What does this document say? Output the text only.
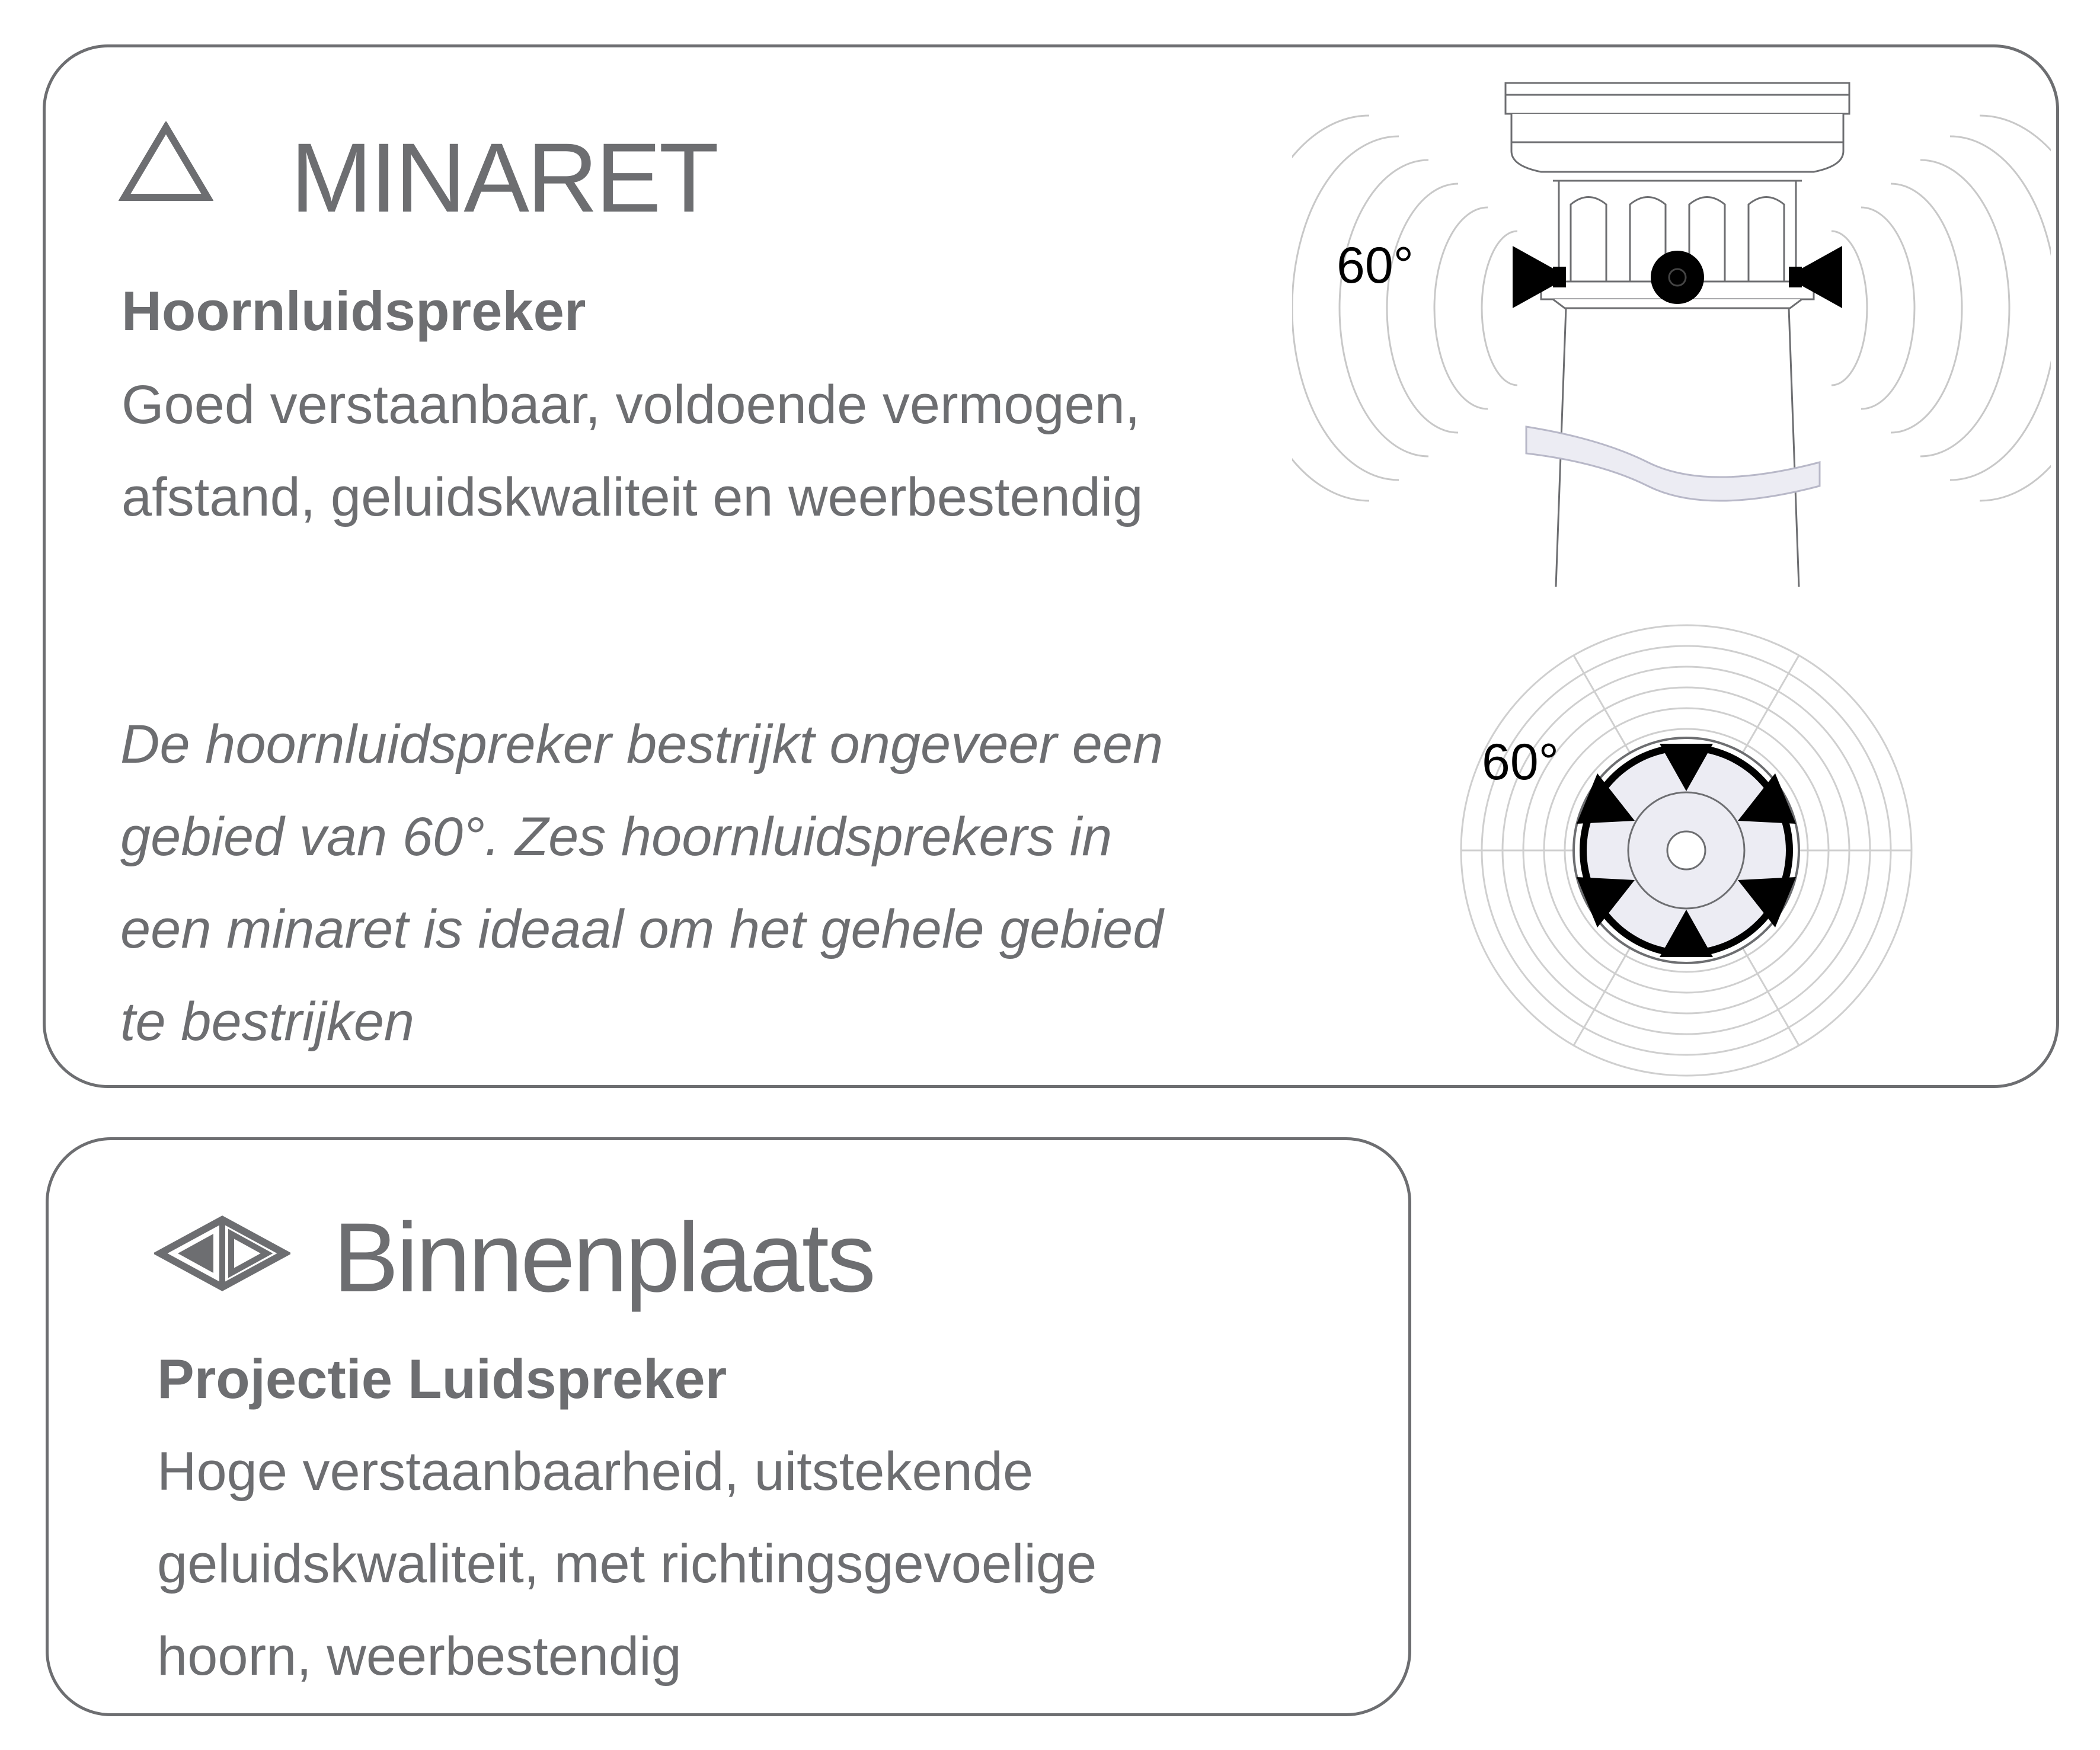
MINARET
Hoornluidspreker
Goed verstaanbaar, voldoende vermogen,
afstand, geluidskwaliteit en weerbestendig
De hoornluidspreker bestrijkt ongeveer een
gebied van 60°. Zes hoornluidsprekers in
een minaret is ideaal om het gehele gebied
te bestrijken
60°
60°
Binnenplaats
Projectie Luidspreker
Hoge verstaanbaarheid, uitstekende
geluidskwaliteit, met richtingsgevoelige
hoorn, weerbestendig
